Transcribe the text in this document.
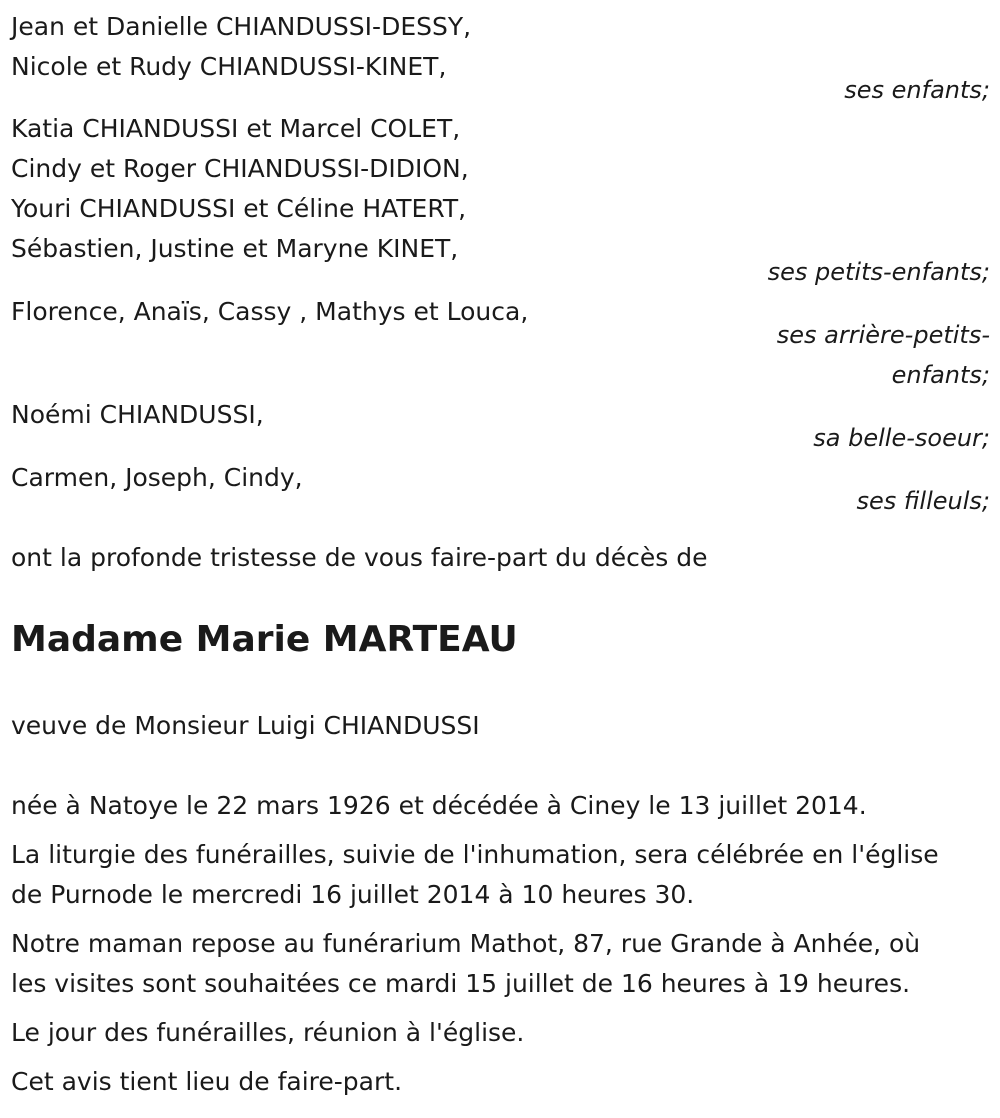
Jean et Danielle CHIANDUSSI-DESSY,
Nicole et Rudy CHIANDUSSI-KINET,
ses enfants;
Katia CHIANDUSSI et Marcel COLET,
Cindy et Roger CHIANDUSSI-DIDION,
Youri CHIANDUSSI et Céline HATERT,
Sébastien, Justine et Maryne KINET,
ses petits-enfants;
Florence, Anaïs, Cassy , Mathys et Louca,
ses arrière-petits-
enfants;
Noémi CHIANDUSSI,
sa belle-soeur;
Carmen, Joseph, Cindy,
ses filleuls;
ont la profonde tristesse de vous faire-part du décès de
Madame Marie MARTEAU
veuve de Monsieur Luigi CHIANDUSSI
née à Natoye le 22 mars 1926 et décédée à Ciney le 13 juillet 2014.
La liturgie des funérailles, suivie de l'inhumation, sera célébrée en l'église
de Purnode le mercredi 16 juillet 2014 à 10 heures 30.
Notre maman repose au funérarium Mathot, 87, rue Grande à Anhée, où
les visites sont souhaitées ce mardi 15 juillet de 16 heures à 19 heures.
Le jour des funérailles, réunion à l'église.
Cet avis tient lieu de faire-part.
